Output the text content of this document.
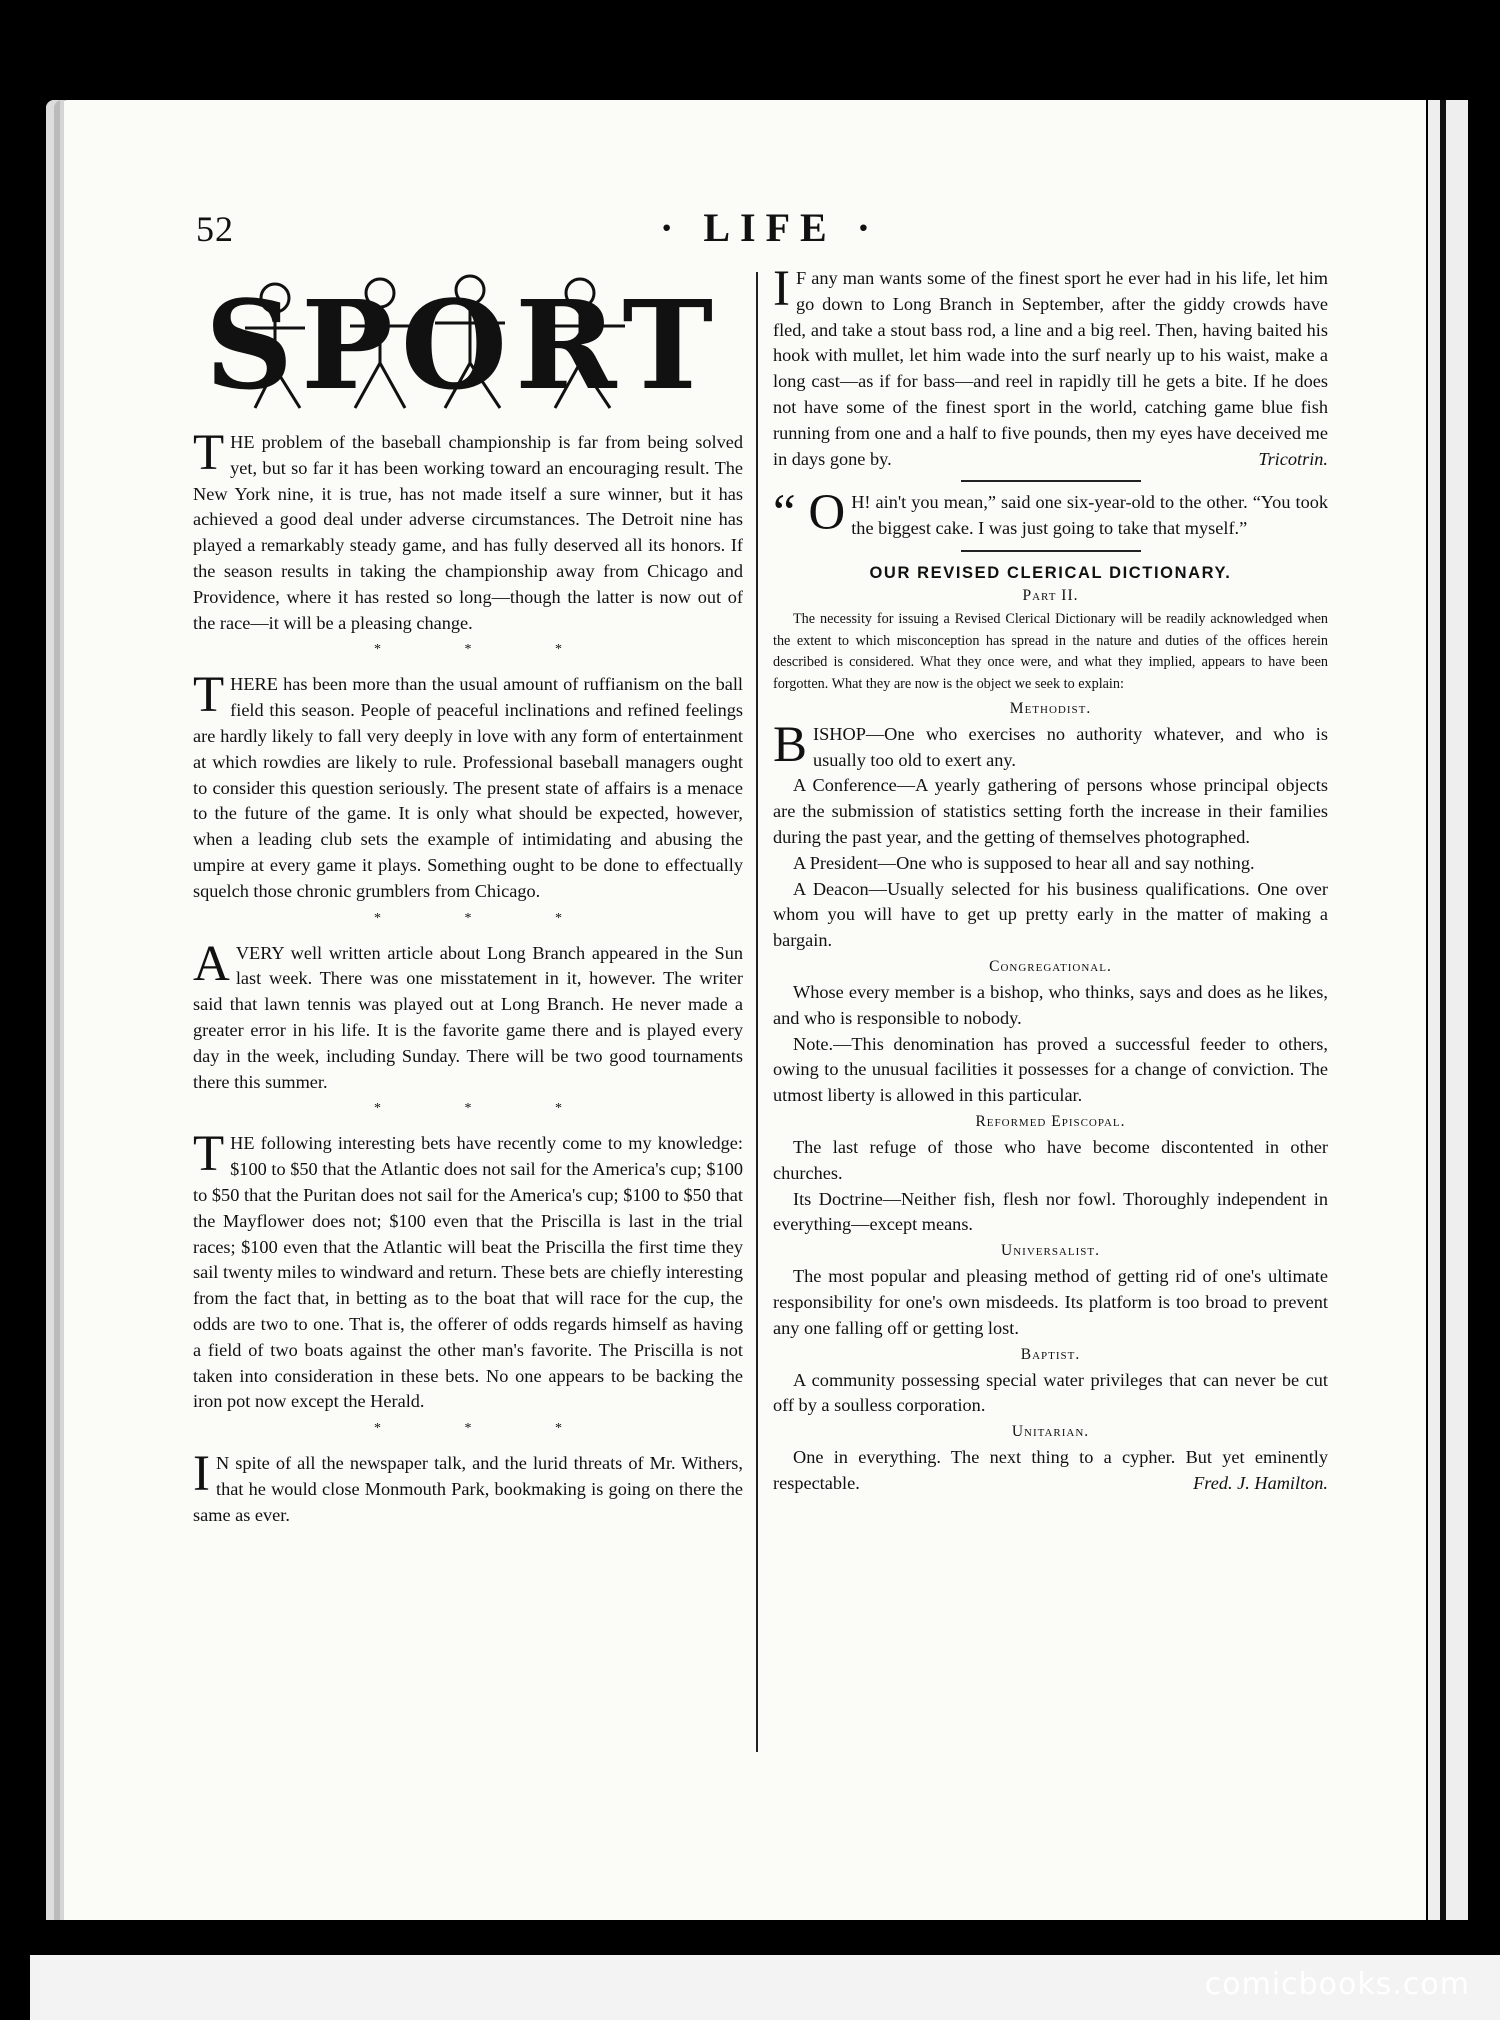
52	· LIFE ·
SPORT

THE problem of the baseball championship is far from being solved yet, but so far it has been working toward an encouraging result. The New York nine, it is true, has not made itself a sure winner, but it has achieved a good deal under adverse circumstances. The Detroit nine has played a remarkably steady game, and has fully deserved all its honors. If the season results in taking the championship away from Chicago and Providence, where it has rested so long—though the latter is now out of the race—it will be a pleasing change.

* * *

THERE has been more than the usual amount of ruffianism on the ball field this season. People of peaceful inclinations and refined feelings are hardly likely to fall very deeply in love with any form of entertainment at which rowdies are likely to rule. Professional baseball managers ought to consider this question seriously. The present state of affairs is a menace to the future of the game. It is only what should be expected, however, when a leading club sets the example of intimidating and abusing the umpire at every game it plays. Something ought to be done to effectually squelch those chronic grumblers from Chicago.

* * *

AVERY well written article about Long Branch appeared in the Sun last week. There was one misstatement in it, however. The writer said that lawn tennis was played out at Long Branch. He never made a greater error in his life. It is the favorite game there and is played every day in the week, including Sunday. There will be two good tournaments there this summer.

* * *

THE following interesting bets have recently come to my knowledge: $100 to $50 that the Atlantic does not sail for the America's cup; $100 to $50 that the Puritan does not sail for the America's cup; $100 to $50 that the Mayflower does not; $100 even that the Priscilla is last in the trial races; $100 even that the Atlantic will beat the Priscilla the first time they sail twenty miles to windward and return. These bets are chiefly interesting from the fact that, in betting as to the boat that will race for the cup, the odds are two to one. That is, the offerer of odds regards himself as having a field of two boats against the other man's favorite. The Priscilla is not taken into consideration in these bets. No one appears to be backing the iron pot now except the Herald.

* * *

I N spite of all the newspaper talk, and the lurid threats of Mr. Withers, that he would close Monmouth Park, bookmaking is going on there the same as ever.

I F any man wants some of the finest sport he ever had in his life, let him go down to Long Branch in September, after the giddy crowds have fled, and take a stout bass rod, a line and a big reel. Then, having baited his hook with mullet, let him wade into the surf nearly up to his waist, make a long cast—as if for bass—and reel in rapidly till he gets a bite. If he does not have some of the finest sport in the world, catching game blue fish running from one and a half to five pounds, then my eyes have deceived me in days gone by.	Tricotrin.

“ O H! ain't you mean,” said one six-year-old to the other. “You took the biggest cake. I was just going to take that myself.”

OUR REVISED CLERICAL DICTIONARY.
Part II.

The necessity for issuing a Revised Clerical Dictionary will be readily acknowledged when the extent to which misconception has spread in the nature and duties of the offices herein described is considered. What they once were, and what they implied, appears to have been forgotten. What they are now is the object we seek to explain:

Methodist.

BISHOP—One who exercises no authority whatever, and who is usually too old to exert any.

A Conference—A yearly gathering of persons whose principal objects are the submission of statistics setting forth the increase in their families during the past year, and the getting of themselves photographed.

A President—One who is supposed to hear all and say nothing.

A Deacon—Usually selected for his business qualifications. One over whom you will have to get up pretty early in the matter of making a bargain.

Congregational.

Whose every member is a bishop, who thinks, says and does as he likes, and who is responsible to nobody.

Note.—This denomination has proved a successful feeder to others, owing to the unusual facilities it possesses for a change of conviction. The utmost liberty is allowed in this particular.

Reformed Episcopal.

The last refuge of those who have become discontented in other churches.

Its Doctrine—Neither fish, flesh nor fowl. Thoroughly independent in everything—except means.

Universalist.

The most popular and pleasing method of getting rid of one's ultimate responsibility for one's own misdeeds. Its platform is too broad to prevent any one falling off or getting lost.

Baptist.

A community possessing special water privileges that can never be cut off by a soulless corporation.

Unitarian.

One in everything. The next thing to a cypher. But yet eminently respectable.	Fred. J. Hamilton.

comicbooks.com
